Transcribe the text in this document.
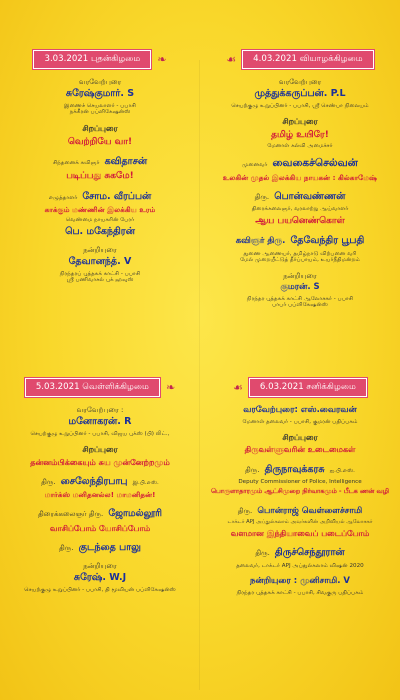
3.03.2021 புதன்கிழமை	❧
வரவேற்புரை
சுரேஷ்குமார். S
இணைச் செயலாளர் - பபாசி
நக்கீரன் பப்ளிகேஷன்ஸ்
சிறப்புரை
வெற்றியே வா!
சிந்தனைக் கவிஞர் கவிதாசன்
படிப்பது சுகமே!
எழுத்தாளர் சோம. வீரப்பன்
காக்கும் மண்ணின் இலக்கிய உரம்
வெண்மை நாயகரின் பேரர்
பெ. மகேந்திரன்
நன்றியுரை
தேவானந்த். V
நிரந்தரப் புத்தகக் காட்சி - பபாசி
ஸ்ரீ பணிவாசல் புக் ஹவுஸ்
☙	4.03.2021 வியாழக்கிழமை
வரவேற்புரை
முத்துக்கருப்பன். P.L
செயற்குழு உறுப்பினர் - பபாசி, ஸ்ரீ செண்பா நிலையம்
சிறப்புரை
தமிழ் உயிரே!
மேனாள் கல்வி அமைச்சர்
முனைவர் வைகைச்செல்வன்
உலகின் முதல் இலக்கிய நாயகன் : கில்காமேஷ்
திரு. பொன்வண்ணன்
திரைக்கலைஞர், வரலாற்று ஆய்வாளர்
ஆய பயனெண்கொள்
கவிஞர் திரு. தேவேந்திர பூபதி
துணை ஆணையர், தமிழ்நாடு விற்பனை வரி
மேல் முறையீட்டுத் தீர்ப்பாயம், உயர்நீதிமன்றம்
நன்றியுரை
குமரன். S
நிரந்தர புத்தகக் காட்சி ஆலோசகர் - பபாசி
பாபர் பப்ளிகேஷன்ஸ்
5.03.2021 வெள்ளிக்கிழமை	❧
வரவேற்புரை :
மனோகரன். R
செயற்குழு உறுப்பினர் - பபாசி, விஜய புக்ஸ் (பி) லிட்.,
சிறப்புரை
தன்னம்பிக்கையும் சுய முன்னேற்றமும்
திரு. சைலேந்திரபாபு இ.பி.எஸ்.
மார்க்ஸ் மனிதனல்ல! மாமனிதன்!
திரைக்கலைஞர் திரு. ஜோமல்லூரி
வாசிப்போம் யோசிப்போம்
திரு. குடந்தை பாலு
நன்றியுரை
சுரேஷ். W.J
செயற்குழு உறுப்பினர் - பபாசி, தி மூவியன் பப்ளிகேஷன்ஸ்
☙	6.03.2021 சனிக்கிழமை
வரவேற்புரை: எஸ்.வைரவன்
மேனாள் தலைவர் - பபாசி, குமரன் பதிப்பகம்
சிறப்புரை
திருவள்ளுவரின் உடைமைகள்
திரு. திருநாவுக்கரசு ஐ.பி.எஸ்.
Deputy Commissioner of Police, Intelligence
பொருளாதாரமும் ஆட்சிமுறை நிர்வாகமும் - பீடக ணன் வழி
திரு. பொன்ராஜ் வெள்ளைச்சாமி
டாக்டர் APJ அப்துல்கலாம் அவர்களின் அறிவியல் ஆலோசகர்
வளமான இந்தியாவைப் படைப்போம்
திரு. திருச்செந்தூரான்
தலைவர், டாக்டர் APJ அப்துல்கலாம் விஷன் 2020
நன்றியுரை : முனிசாமி. V
நிரந்தர புத்தகக் காட்சி - பபாசி, சிவகுரு பதிப்பகம்
